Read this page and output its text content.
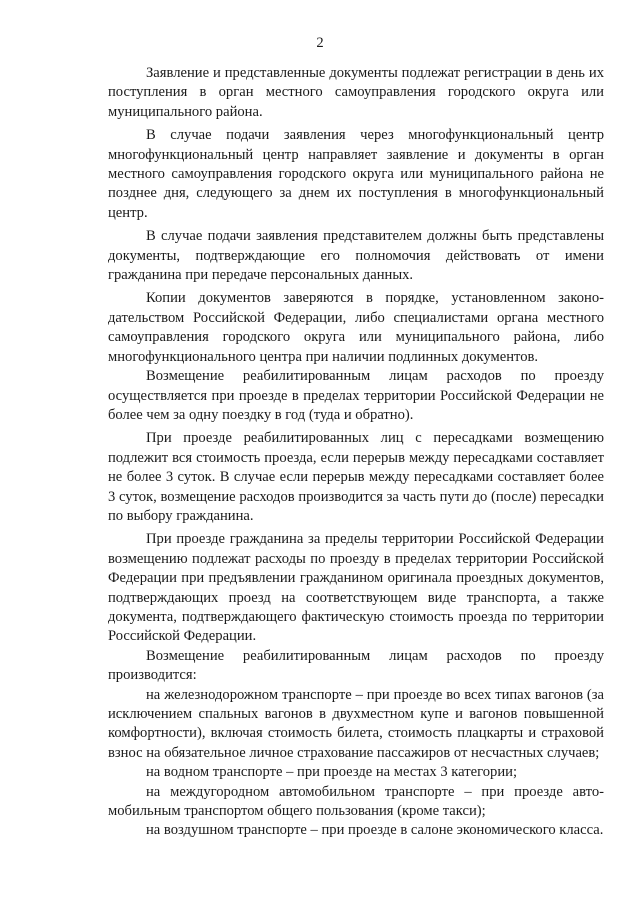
2

Заявление и представленные документы подлежат регистрации в день их поступления в орган местного самоуправления городского округа или муниципального района.

В случае подачи заявления через многофункциональный центр многофункциональный центр направляет заявление и документы в орган местного самоуправления городского округа или муниципального района не позднее дня, следующего за днем их поступления в многофункциональный центр.

В случае подачи заявления представителем должны быть представлены документы, подтверждающие его полномочия действовать от имени гражданина при передаче персональных данных.

Копии документов заверяются в порядке, установленном законодательством Российской Федерации, либо специалистами органа местного самоуправления городского округа или муниципального района, либо многофункционального центра при наличии подлинных документов.

Возмещение реабилитированным лицам расходов по проезду осуществляется при проезде в пределах территории Российской Федерации не более чем за одну поездку в год (туда и обратно).

При проезде реабилитированных лиц с пересадками возмещению подлежит вся стоимость проезда, если перерыв между пересадками составляет не более 3 суток. В случае если перерыв между пересадками составляет более 3 суток, возмещение расходов производится за часть пути до (после) пересадки по выбору гражданина.

При проезде гражданина за пределы территории Российской Федерации возмещению подлежат расходы по проезду в пределах территории Российской Федерации при предъявлении гражданином оригинала проездных документов, подтверждающих проезд на соответствующем виде транспорта, а также документа, подтверждающего фактическую стоимость проезда по территории Российской Федерации.

Возмещение реабилитированным лицам расходов по проезду производится:

на железнодорожном транспорте – при проезде во всех типах вагонов (за исключением спальных вагонов в двухместном купе и вагонов повышенной комфортности), включая стоимость билета, стоимость плацкарты и страховой взнос на обязательное личное страхование пассажиров от несчастных случаев;

на водном транспорте – при проезде на местах 3 категории;

на междугородном автомобильном транспорте – при проезде автомобильным транспортом общего пользования (кроме такси);

на воздушном транспорте – при проезде в салоне экономического класса.
